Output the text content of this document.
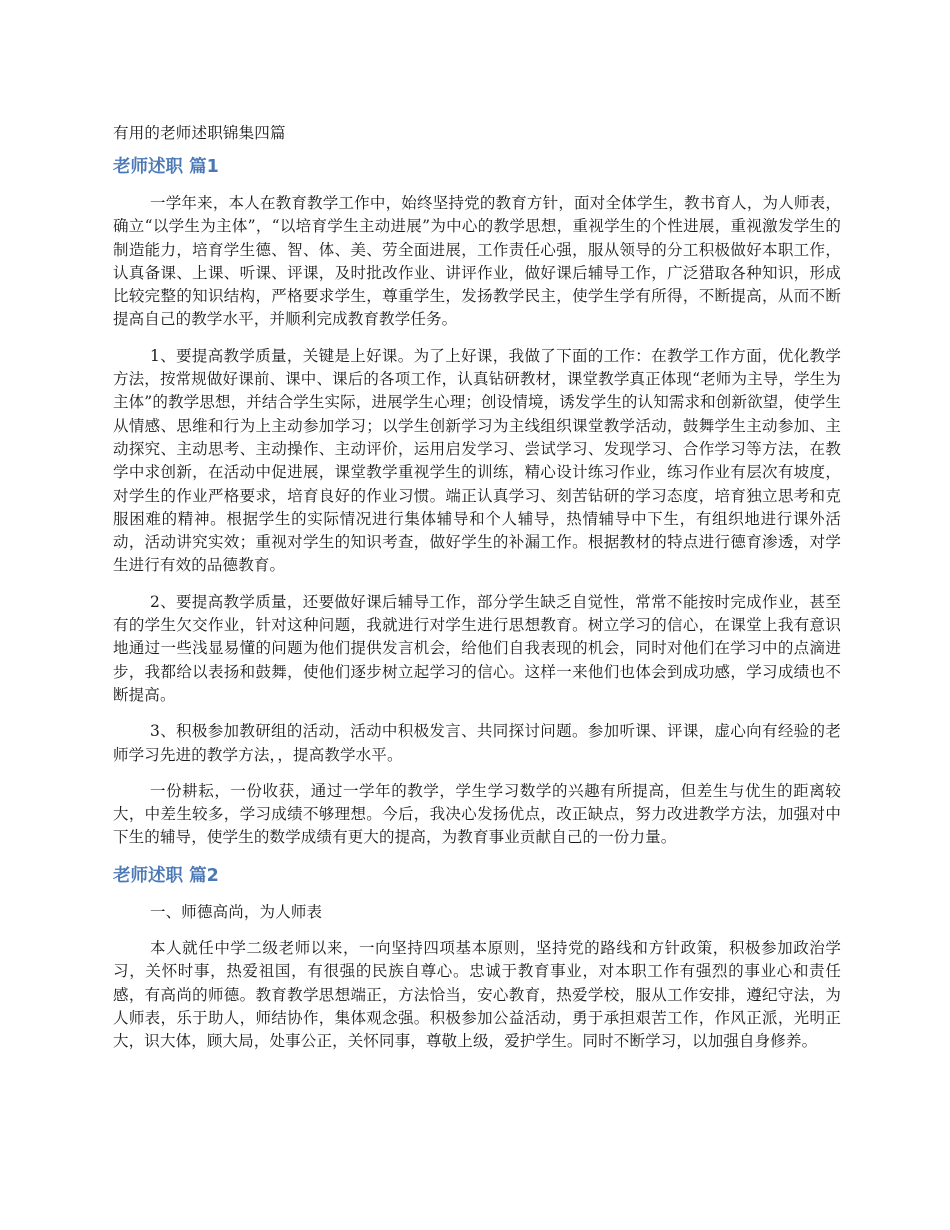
有用的老师述职锦集四篇
老师述职 篇1

一学年来，本人在教育教学工作中，始终坚持党的教育方针，面对全体学生，教书育人，为人师表，确立“以学生为主体”，“以培育学生主动进展”为中心的教学思想，重视学生的个性进展，重视激发学生的制造能力，培育学生德、智、体、美、劳全面进展，工作责任心强，服从领导的分工积极做好本职工作，认真备课、上课、听课、评课，及时批改作业、讲评作业，做好课后辅导工作，广泛猎取各种知识，形成比较完整的知识结构，严格要求学生，尊重学生，发扬教学民主，使学生学有所得，不断提高，从而不断提高自己的教学水平，并顺利完成教育教学任务。

1、要提高教学质量，关键是上好课。为了上好课，我做了下面的工作：在教学工作方面，优化教学方法，按常规做好课前、课中、课后的各项工作，认真钻研教材，课堂教学真正体现“老师为主导，学生为主体”的教学思想，并结合学生实际，进展学生心理；创设情境，诱发学生的认知需求和创新欲望，使学生从情感、思维和行为上主动参加学习；以学生创新学习为主线组织课堂教学活动，鼓舞学生主动参加、主动探究、主动思考、主动操作、主动评价，运用启发学习、尝试学习、发现学习、合作学习等方法，在教学中求创新，在活动中促进展，课堂教学重视学生的训练，精心设计练习作业，练习作业有层次有坡度，对学生的作业严格要求，培育良好的作业习惯。端正认真学习、刻苦钻研的学习态度，培育独立思考和克服困难的精神。根据学生的实际情况进行集体辅导和个人辅导，热情辅导中下生，有组织地进行课外活动，活动讲究实效；重视对学生的知识考查，做好学生的补漏工作。根据教材的特点进行德育渗透，对学生进行有效的品德教育。

2、要提高教学质量，还要做好课后辅导工作，部分学生缺乏自觉性，常常不能按时完成作业，甚至有的学生欠交作业，针对这种问题，我就进行对学生进行思想教育。树立学习的信心，在课堂上我有意识地通过一些浅显易懂的问题为他们提供发言机会，给他们自我表现的机会，同时对他们在学习中的点滴进步，我都给以表扬和鼓舞，使他们逐步树立起学习的信心。这样一来他们也体会到成功感，学习成绩也不断提高。

3、积极参加教研组的活动，活动中积极发言、共同探讨问题。参加听课、评课，虚心向有经验的老师学习先进的教学方法，，提高教学水平。

一份耕耘，一份收获，通过一学年的教学，学生学习数学的兴趣有所提高，但差生与优生的距离较大，中差生较多，学习成绩不够理想。今后，我决心发扬优点，改正缺点，努力改进教学方法，加强对中下生的辅导，使学生的数学成绩有更大的提高，为教育事业贡献自己的一份力量。

老师述职 篇2

一、师德高尚，为人师表

本人就任中学二级老师以来，一向坚持四项基本原则，坚持党的路线和方针政策，积极参加政治学习，关怀时事，热爱祖国，有很强的民族自尊心。忠诚于教育事业，对本职工作有强烈的事业心和责任感，有高尚的师德。教育教学思想端正，方法恰当，安心教育，热爱学校，服从工作安排，遵纪守法，为人师表，乐于助人，师结协作，集体观念强。积极参加公益活动，勇于承担艰苦工作，作风正派，光明正大，识大体，顾大局，处事公正，关怀同事，尊敬上级，爱护学生。同时不断学习，以加强自身修养。
